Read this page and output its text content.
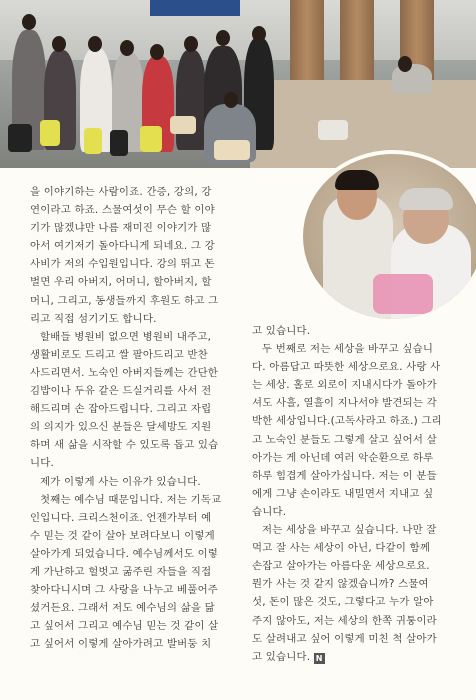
을 이야기하는 사람이죠. 간증, 강의, 강

연이라고 하죠. 스물여섯이 무슨 할 이야

기가 많겠냐만 나름 재미진 이야기가 많

아서 여기저기 돌아다니게 되네요. 그 강

사비가 저의 수입원입니다. 강의 뛰고 돈

벌면 우리 아버지, 어머니, 할아버지, 할

머니, 그리고, 동생들까지 후원도 하고 그

리고 직접 섬기기도 합니다.

할배들 병원비 없으면 병원비 내주고,

생활비로도 드리고 쌀 팔아드리고 반찬

사드리면서. 노숙인 아버지들께는 간단한

김밥이나 두유 같은 드실거리를 사서 전

해드리며 손 잡아드립니다. 그리고 자립

의 의지가 있으신 분들은 달세방도 지원

하며 새 삶을 시작할 수 있도록 돕고 있습

니다.

제가 이렇게 사는 이유가 있습니다.

첫째는 예수님 때문입니다. 저는 기독교

인입니다. 크리스천이죠. 언젠가부터 예

수 믿는 것 같이 살아 보려다보니 이렇게

살아가게 되었습니다. 예수님께서도 이렇

게 가난하고 헐벗고 굶주린 자들을 직접

찾아다니시며 그 사랑을 나누고 베풀어주

셨거든요. 그래서 저도 예수님의 삶을 닮

고 싶어서 그리고 예수님 믿는 것 같이 살

고 싶어서 이렇게 살아가려고 발버둥 치

고 있습니다.

두 번째로 저는 세상을 바꾸고 싶습니

다. 아름답고 따뜻한 세상으로요. 사랑 사

는 세상. 홀로 외로이 지내시다가 돌아가

셔도 사흘, 열흘이 지나서야 발견되는 각

박한 세상입니다.(고독사라고 하죠.) 그리

고 노숙인 분들도 그렇게 살고 싶어서 살

아가는 게 아닌데 여러 악순환으로 하루

하루 힘겹게 살아가십니다. 저는 이 분들

에게 그냥 손이라도 내밀면서 지내고 싶

습니다.

저는 세상을 바꾸고 싶습니다. 나만 잘

먹고 잘 사는 세상이 아닌, 다같이 함께

손잡고 살아가는 아름다운 세상으로요.

뭔가 사는 것 같지 않겠습니까? 스물여

섯, 돈이 많은 것도, 그렇다고 누가 알아

주지 않아도, 저는 세상의 한쪽 귀퉁이라

도 살려내고 싶어 이렇게 미친 척 살아가

고 있습니다. N
